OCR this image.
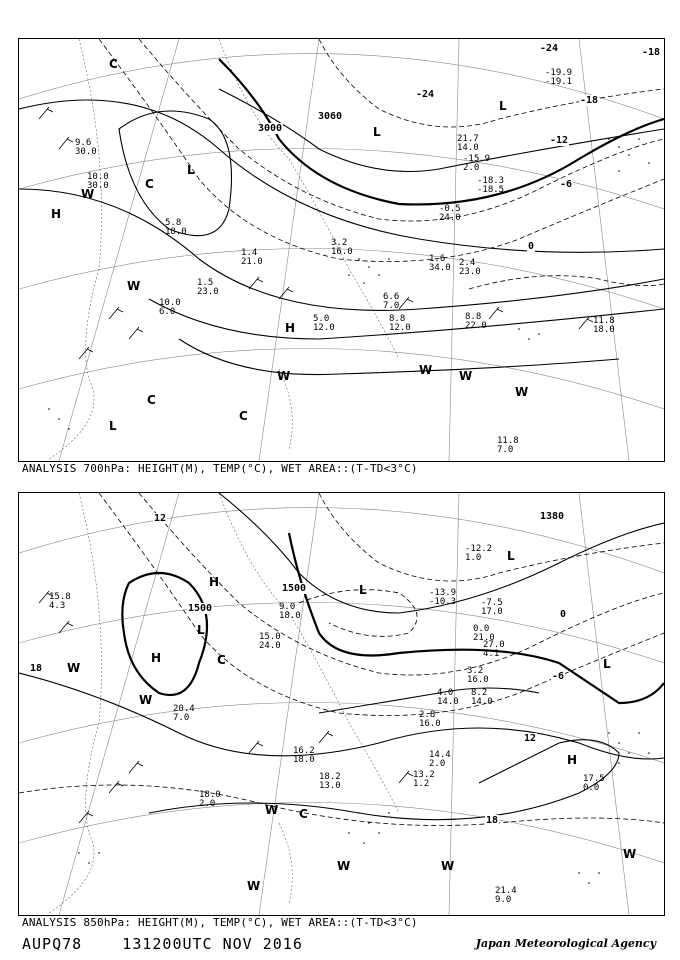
3000
3060
-24
-18
-12
-6
0
-24	-18
H
L
L
L
L
H
C
C
C
W
W
W	W W
W
C
9.6
30.0
10.0
30.0
5.8
18.0
1.5
23.0
1.4
21.0
8.8
12.0
8.8
22.0	11.8
18.0
11.8
7.0
6.6
7.0
5.0
12.0
2.4
23.0
1.6
34.0
-0.5
24.0
-15.9
2.0
-18.3
-18.5
21.7
14.0
-19.9
-19.1
3.2
16.0
10.0
6.0
ANALYSIS 700hPa: HEIGHT(M), TEMP(°C), WET AREA::(T-TD<3°C)
1500
1500
1380
12
18
12
18
0
-6
H
H
L
L
L
L
H
C
C
W
W
W
W	W
W
W
15.8
4.3
20.4
7.0
18.0
2.0
13.2
1.2
14.4
2.0
17.5
0.0
21.4
9.0
8.2
14.0
3.2
16.0
0.0
21.0
-7.5
17.0
-12.2
1.0
18.2
13.0
16.2
18.0
2.8
16.0
4.0
14.0
15.0
24.0
9.0
18.0
-13.9
-10.3
27.0
4.1
ANALYSIS 850hPa: HEIGHT(M), TEMP(°C), WET AREA::(T-TD<3°C)
AUPQ78    131200UTC NOV 2016	Japan Meteorological Agency
